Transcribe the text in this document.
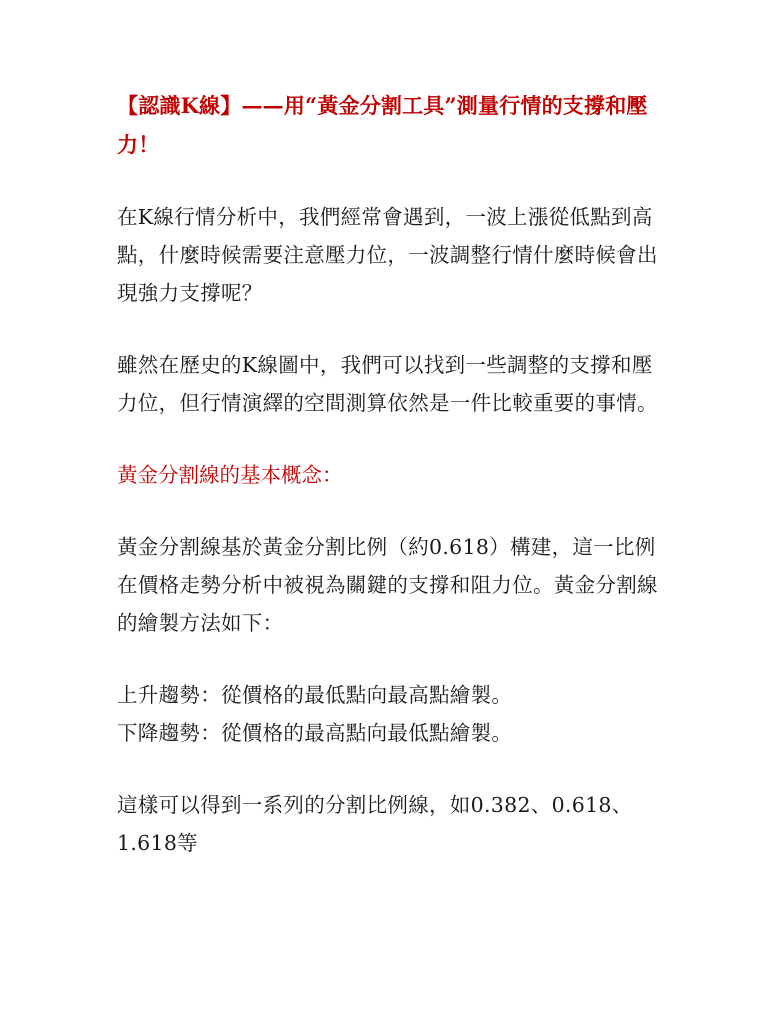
【認識K線】——用“黃金分割工具”測量行情的支撐和壓力！

在K線行情分析中，我們經常會遇到，一波上漲從低點到高點，什麼時候需要注意壓力位，一波調整行情什麼時候會出現強力支撐呢？

雖然在歷史的K線圖中，我們可以找到一些調整的支撐和壓力位，但行情演繹的空間測算依然是一件比較重要的事情。

黃金分割線的基本概念：

黃金分割線基於黃金分割比例（約0.618）構建，這一比例在價格走勢分析中被視為關鍵的支撐和阻力位。黃金分割線的繪製方法如下：

上升趨勢：從價格的最低點向最高點繪製。

下降趨勢：從價格的最高點向最低點繪製。

這樣可以得到一系列的分割比例線，如0.382、0.618、1.618等
